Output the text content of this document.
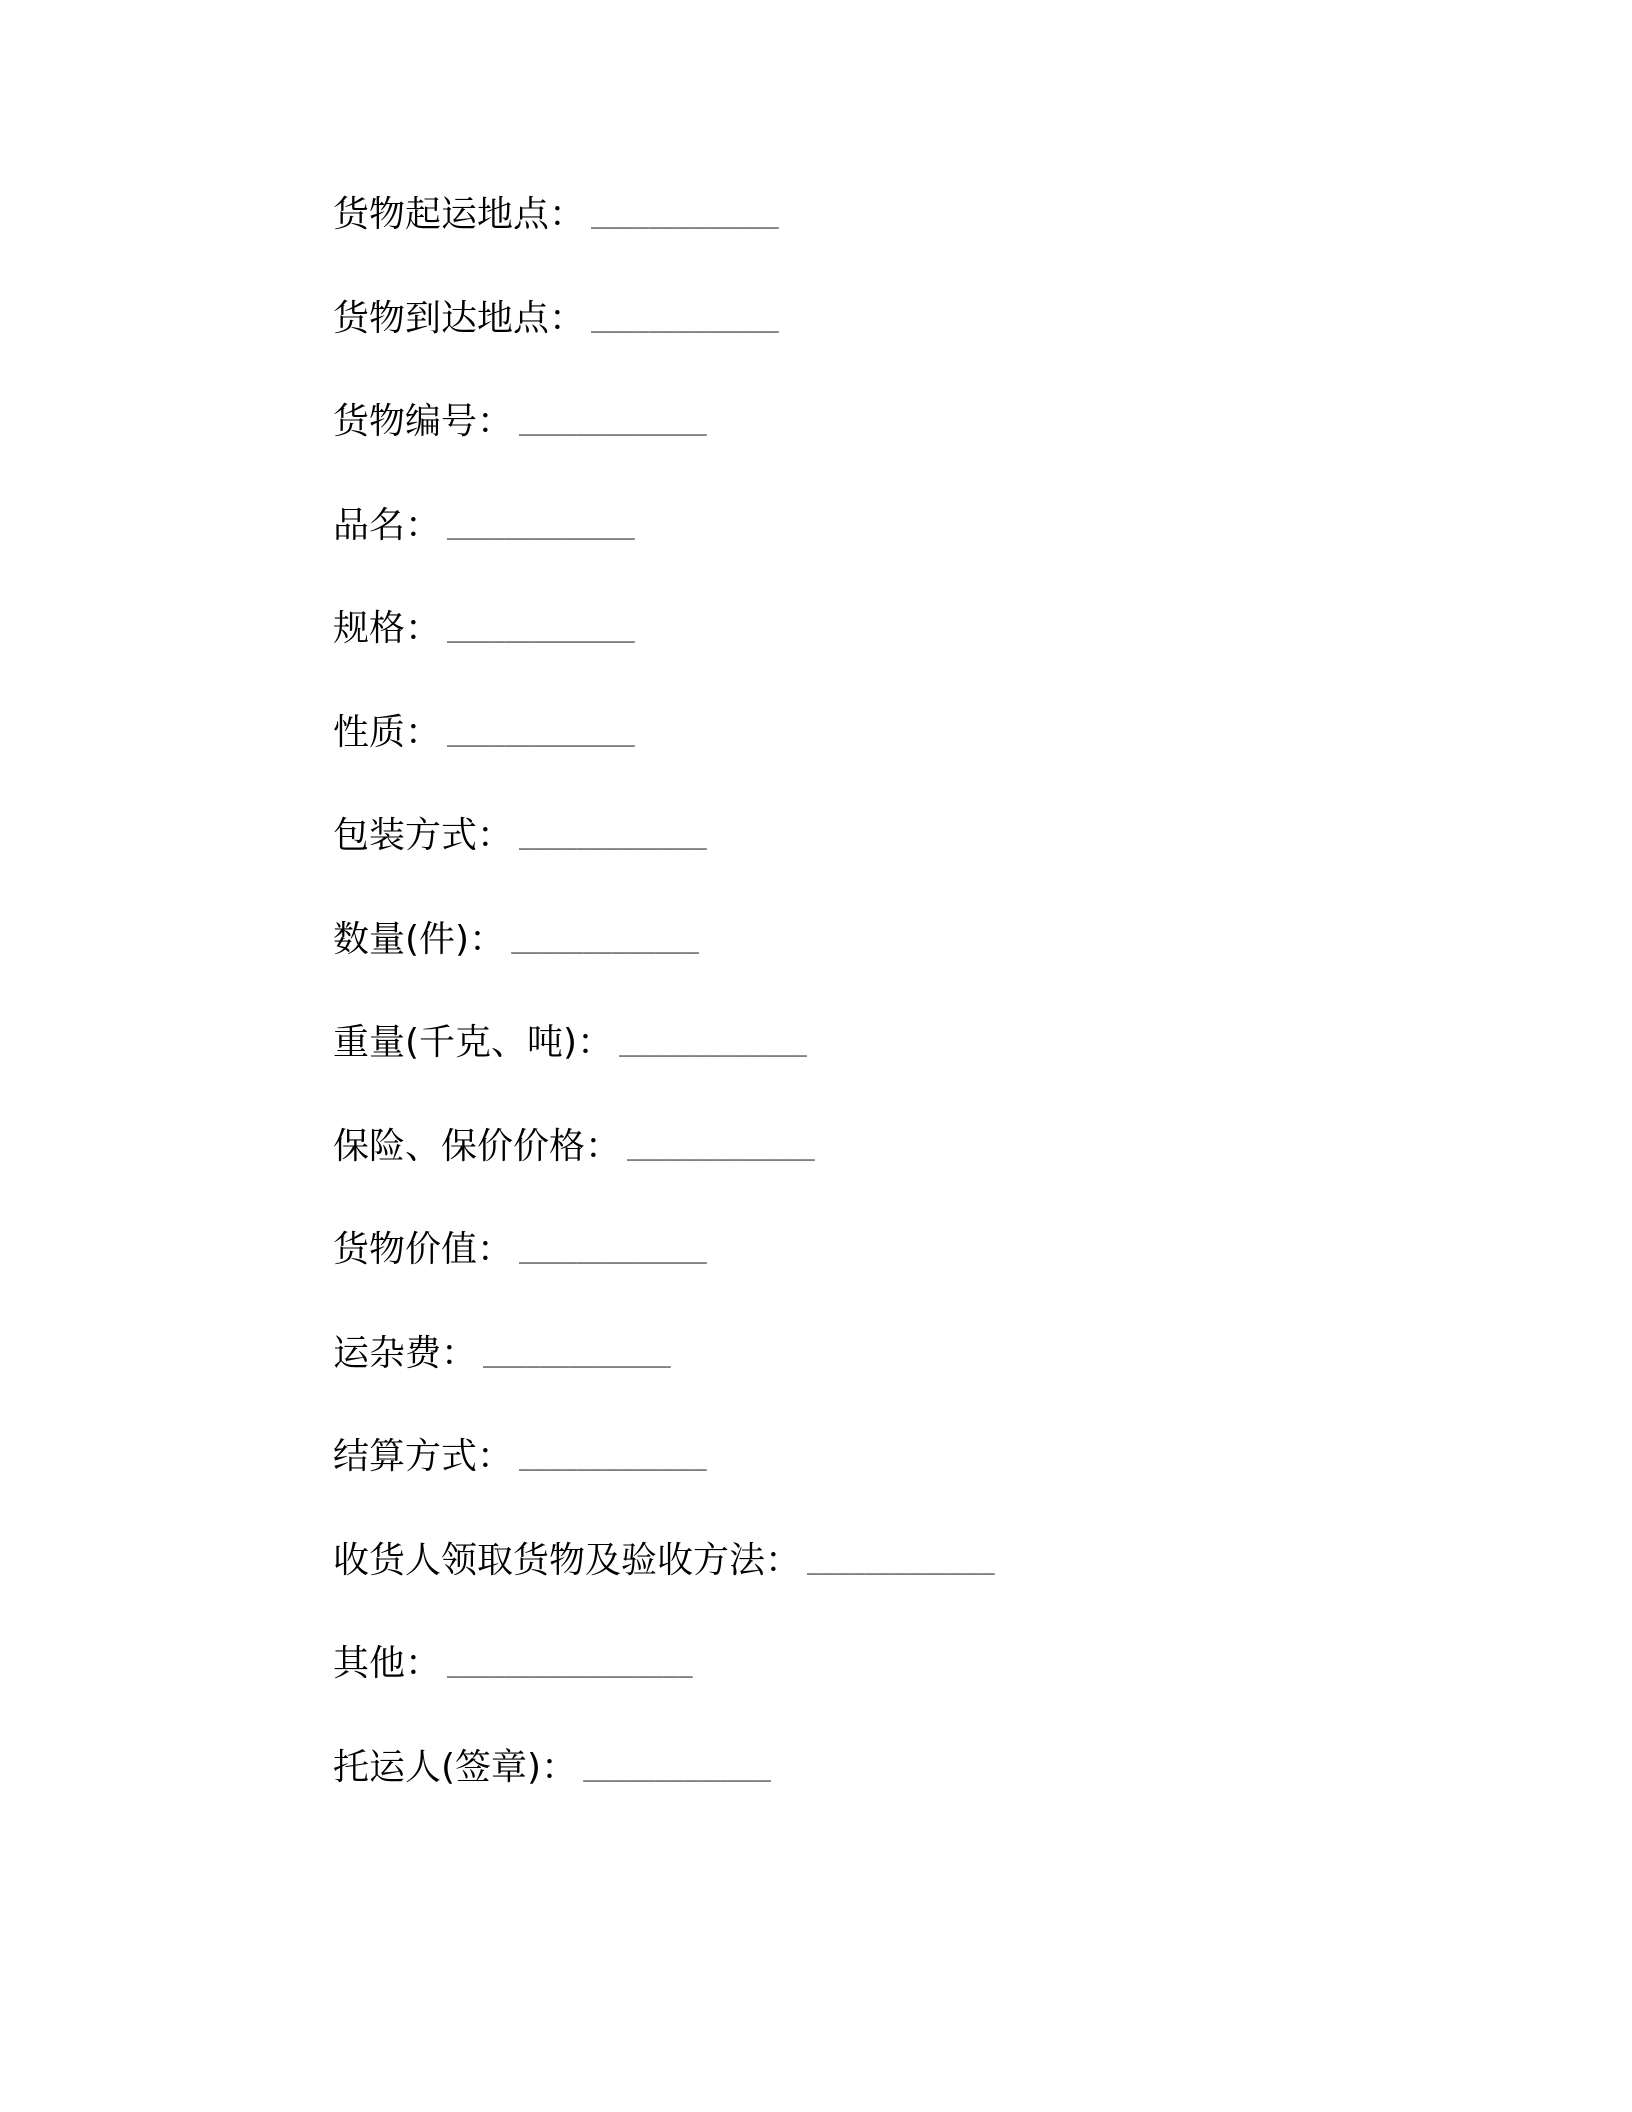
货物起运地点： _____________
货物到达地点： _____________
货物编号： _____________
品名： _____________
规格： _____________
性质： _____________
包装方式： _____________
数量(件)： _____________
重量(千克、吨)： _____________
保险、保价价格： _____________
货物价值： _____________
运杂费： _____________
结算方式： _____________
收货人领取货物及验收方法： _____________
其他： _________________
托运人(签章)： _____________
